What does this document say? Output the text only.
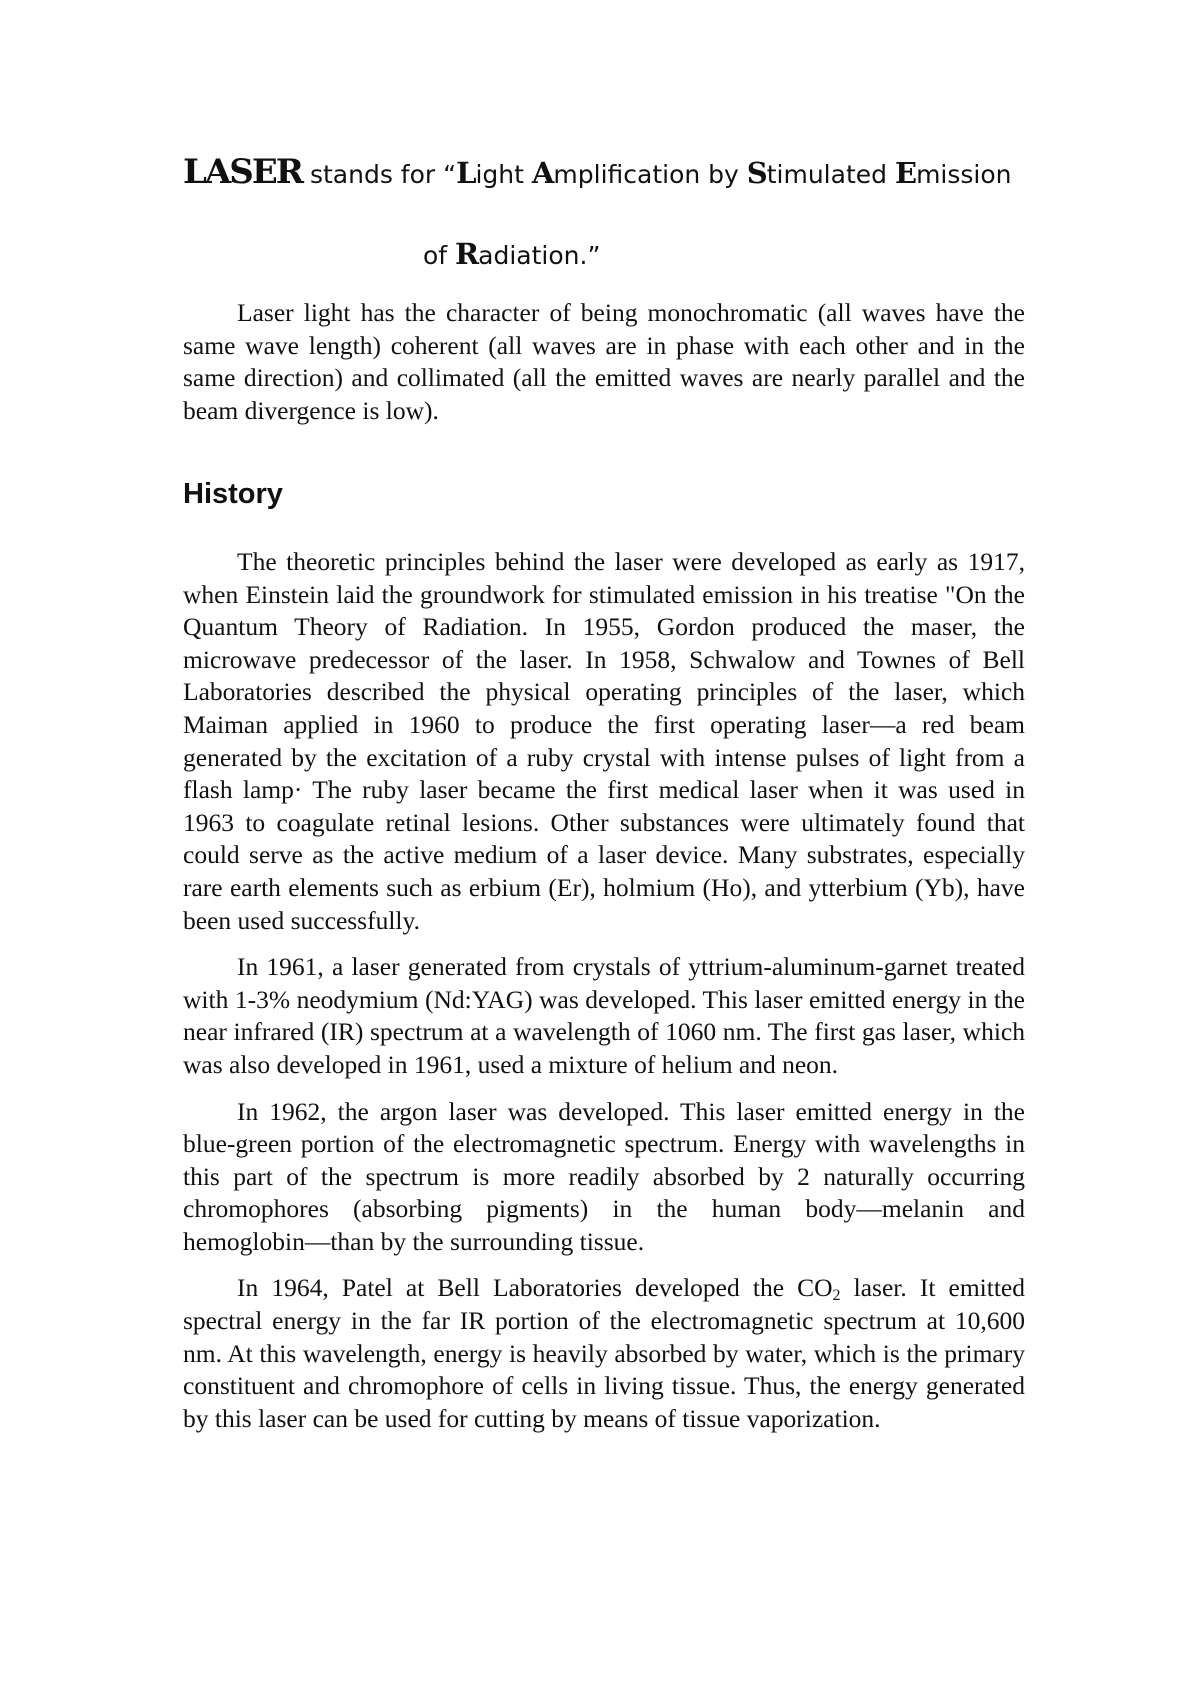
LASER stands for “Light Amplification by Stimulated Emission
of Radiation.”

Laser light has the character of being monochromatic (all waves have the same wave length) coherent (all waves are in phase with each other and in the same direction) and collimated (all the emitted waves are nearly parallel and the beam divergence is low).

History

The theoretic principles behind the laser were developed as early as 1917, when Einstein laid the groundwork for stimulated emission in his treatise "On the Quantum Theory of Radiation. In 1955, Gordon produced the maser, the microwave predecessor of the laser. In 1958, Schwalow and Townes of Bell Laboratories described the physical operating principles of the laser, which Maiman applied in 1960 to produce the first operating laser—a red beam generated by the excitation of a ruby crystal with intense pulses of light from a flash lamp· The ruby laser became the first medical laser when it was used in 1963 to coagulate retinal lesions. Other substances were ultimately found that could serve as the active medium of a laser device. Many substrates, especially rare earth elements such as erbium (Er), holmium (Ho), and ytterbium (Yb), have been used successfully.

In 1961, a laser generated from crystals of yttrium-aluminum-garnet treated with 1-3% neodymium (Nd:YAG) was developed. This laser emitted energy in the near infrared (IR) spectrum at a wavelength of 1060 nm. The first gas laser, which was also developed in 1961, used a mixture of helium and neon.

In 1962, the argon laser was developed. This laser emitted energy in the blue-green portion of the electromagnetic spectrum. Energy with wavelengths in this part of the spectrum is more readily absorbed by 2 naturally occurring chromophores (absorbing pigments) in the human body—melanin and hemoglobin—than by the surrounding tissue.

In 1964, Patel at Bell Laboratories developed the $CO_2$ laser. It emitted spectral energy in the far IR portion of the electromagnetic spectrum at 10,600 nm. At this wavelength, energy is heavily absorbed by water, which is the primary constituent and chromophore of cells in living tissue. Thus, the energy generated by this laser can be used for cutting by means of tissue vaporization.
